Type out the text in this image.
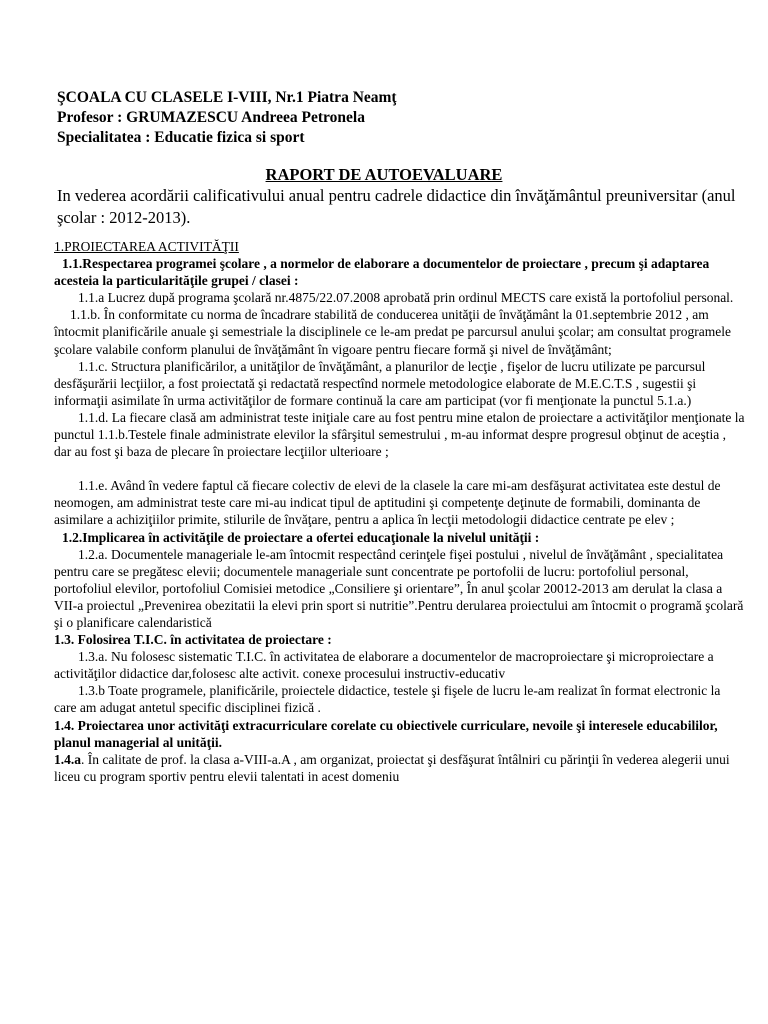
ŞCOALA CU CLASELE I-VIII, Nr.1 Piatra Neamţ
Profesor : GRUMAZESCU Andreea Petronela
Specialitatea : Educatie fizica si sport
RAPORT DE AUTOEVALUARE
In vederea acordării calificativului anual pentru cadrele didactice din învăţământul preuniversitar (anul şcolar : 2012-2013).

1.PROIECTAREA ACTIVITĂŢII

1.1.Respectarea programei şcolare , a normelor de elaborare a documentelor de proiectare , precum şi adaptarea acesteia la particularităţile grupei / clasei :

1.1.a Lucrez după programa şcolară nr.4875/22.07.2008 aprobată prin ordinul MECTS care există la portofoliul personal.

1.1.b. În conformitate cu norma de încadrare stabilită de conducerea unităţii de învăţământ la 01.septembrie 2012 , am întocmit planificările anuale şi semestriale la disciplinele ce le-am predat pe parcursul anului şcolar; am consultat programele şcolare valabile conform planului de învăţământ în vigoare pentru fiecare formă şi nivel de învăţământ;

1.1.c. Structura planificărilor, a unităţilor de învăţământ, a planurilor de lecţie , fişelor de lucru utilizate pe parcursul desfăşurării lecţiilor, a fost proiectată şi redactată respectînd normele metodologice elaborate de M.E.C.T.S , sugestii şi informaţii asimilate în urma activităţilor de formare continuă la care am participat (vor fi menţionate la punctul 5.1.a.)

1.1.d. La fiecare clasă am administrat teste iniţiale care au fost pentru mine etalon de proiectare a activităţilor menţionate la punctul 1.1.b.Testele finale administrate elevilor la sfârşitul semestrului , m-au informat despre progresul obţinut de aceştia , dar au fost şi baza de plecare în proiectare lecţiilor ulterioare ;

1.1.e. Având în vedere faptul că fiecare colectiv de elevi de la clasele la care mi-am desfăşurat activitatea este destul de neomogen, am administrat teste care mi-au indicat tipul de aptitudini şi competenţe deţinute de formabili, dominanta de asimilare a achiziţiilor primite, stilurile de învăţare, pentru a aplica în lecţii metodologii didactice centrate pe elev ;

1.2.Implicarea în activităţile de proiectare a ofertei educaţionale la nivelul unităţii :

1.2.a. Documentele manageriale le-am întocmit respectând cerinţele fişei postului , nivelul de învăţământ , specialitatea pentru care se pregătesc elevii; documentele manageriale sunt concentrate pe portofolii de lucru: portofoliul personal, portofoliul elevilor, portofoliul Comisiei metodice „Consiliere şi orientare”, În anul şcolar 20012-2013 am derulat la clasa a VII-a proiectul „Prevenirea obezitatii la elevi prin sport si nutritie”.Pentru derularea proiectului am întocmit o programă şcolară şi o planificare calendaristică

1.3. Folosirea T.I.C. în activitatea de proiectare :

1.3.a. Nu folosesc sistematic T.I.C. în activitatea de elaborare a documentelor de macroproiectare şi microproiectare a activităţilor didactice dar,folosesc alte activit. conexe procesului instructiv-educativ

1.3.b Toate programele, planificările, proiectele didactice, testele şi fişele de lucru le-am realizat în format electronic la care am adugat antetul specific disciplinei fizică .

1.4. Proiectarea unor activităţi extracurriculare corelate cu obiectivele curriculare, nevoile şi interesele educabililor, planul managerial al unităţii.

1.4.a. În calitate de prof. la clasa a-VIII-a.A , am organizat, proiectat şi desfăşurat întâlniri cu părinţii în vederea alegerii unui liceu cu program sportiv pentru elevii talentati in acest domeniu
